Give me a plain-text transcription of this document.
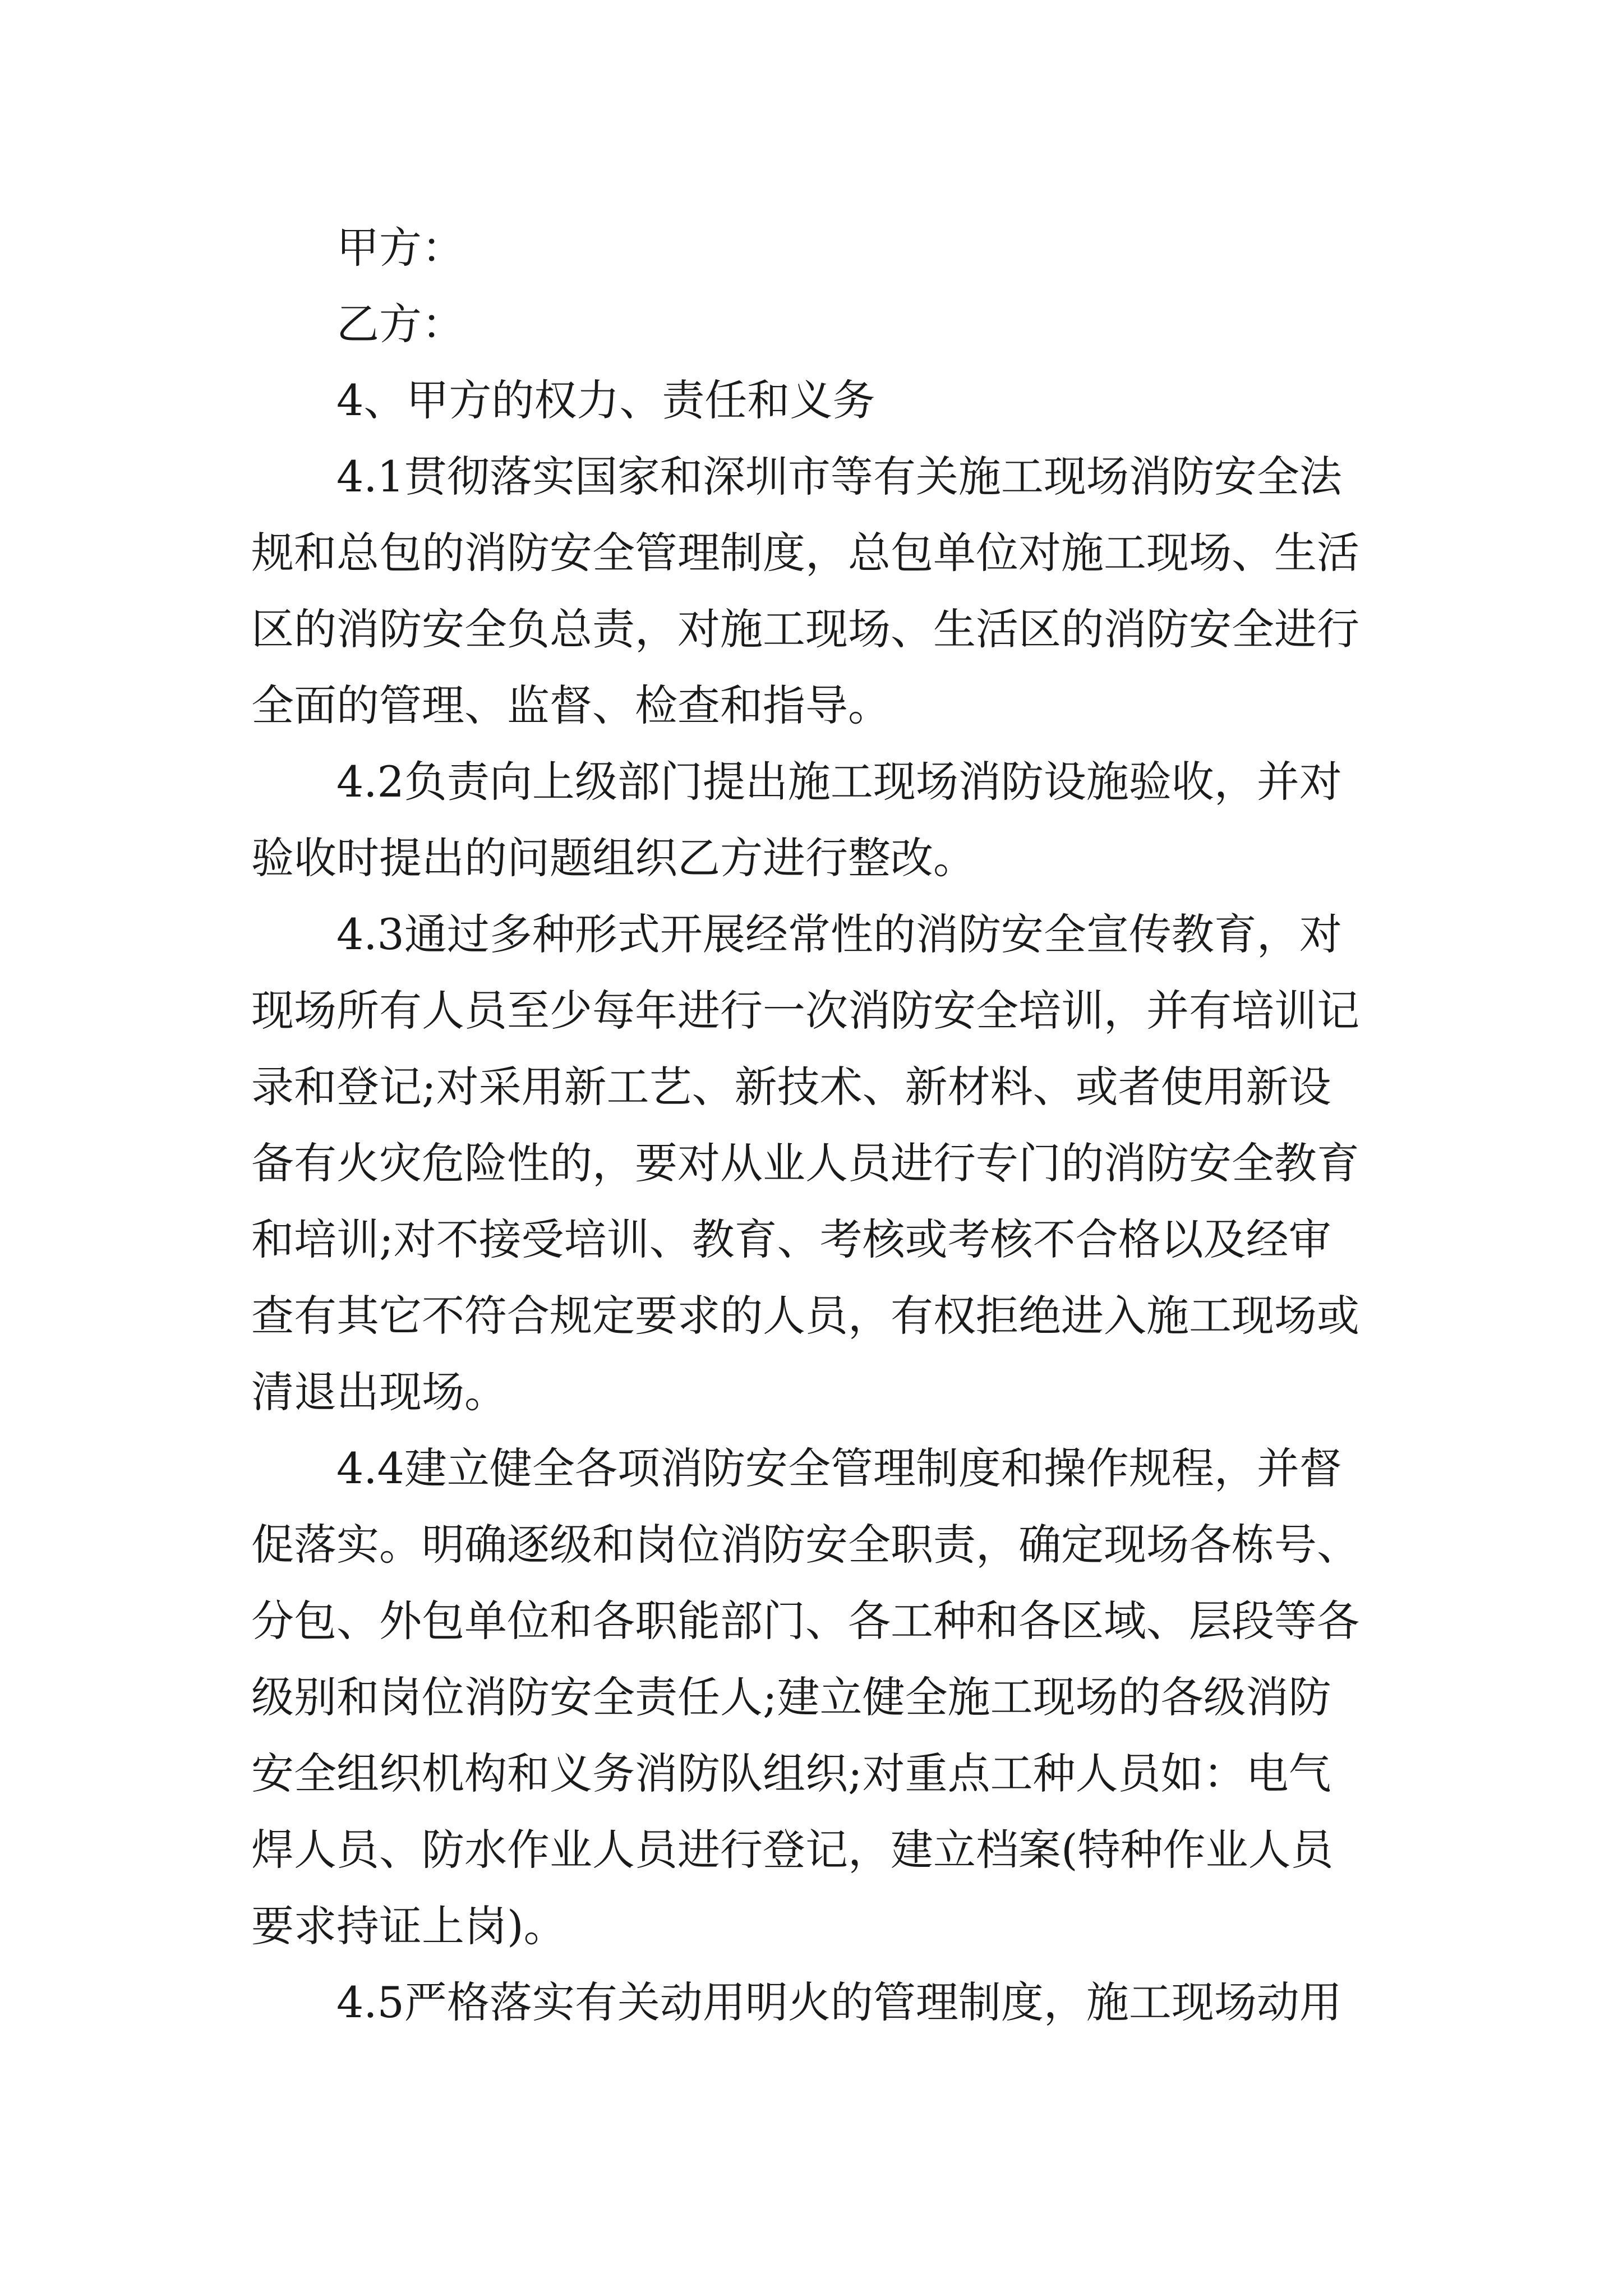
甲方：
乙方：
4、甲方的权力、责任和义务
4.1贯彻落实国家和深圳市等有关施工现场消防安全法
规和总包的消防安全管理制度，总包单位对施工现场、生活
区的消防安全负总责，对施工现场、生活区的消防安全进行
全面的管理、监督、检查和指导。
4.2负责向上级部门提出施工现场消防设施验收，并对
验收时提出的问题组织乙方进行整改。
4.3通过多种形式开展经常性的消防安全宣传教育，对
现场所有人员至少每年进行一次消防安全培训，并有培训记
录和登记;对采用新工艺、新技术、新材料、或者使用新设
备有火灾危险性的，要对从业人员进行专门的消防安全教育
和培训;对不接受培训、教育、考核或考核不合格以及经审
查有其它不符合规定要求的人员，有权拒绝进入施工现场或
清退出现场。
4.4建立健全各项消防安全管理制度和操作规程，并督
促落实。明确逐级和岗位消防安全职责，确定现场各栋号、
分包、外包单位和各职能部门、各工种和各区域、层段等各
级别和岗位消防安全责任人;建立健全施工现场的各级消防
安全组织机构和义务消防队组织;对重点工种人员如：电气
焊人员、防水作业人员进行登记，建立档案(特种作业人员
要求持证上岗)。
4.5严格落实有关动用明火的管理制度，施工现场动用
